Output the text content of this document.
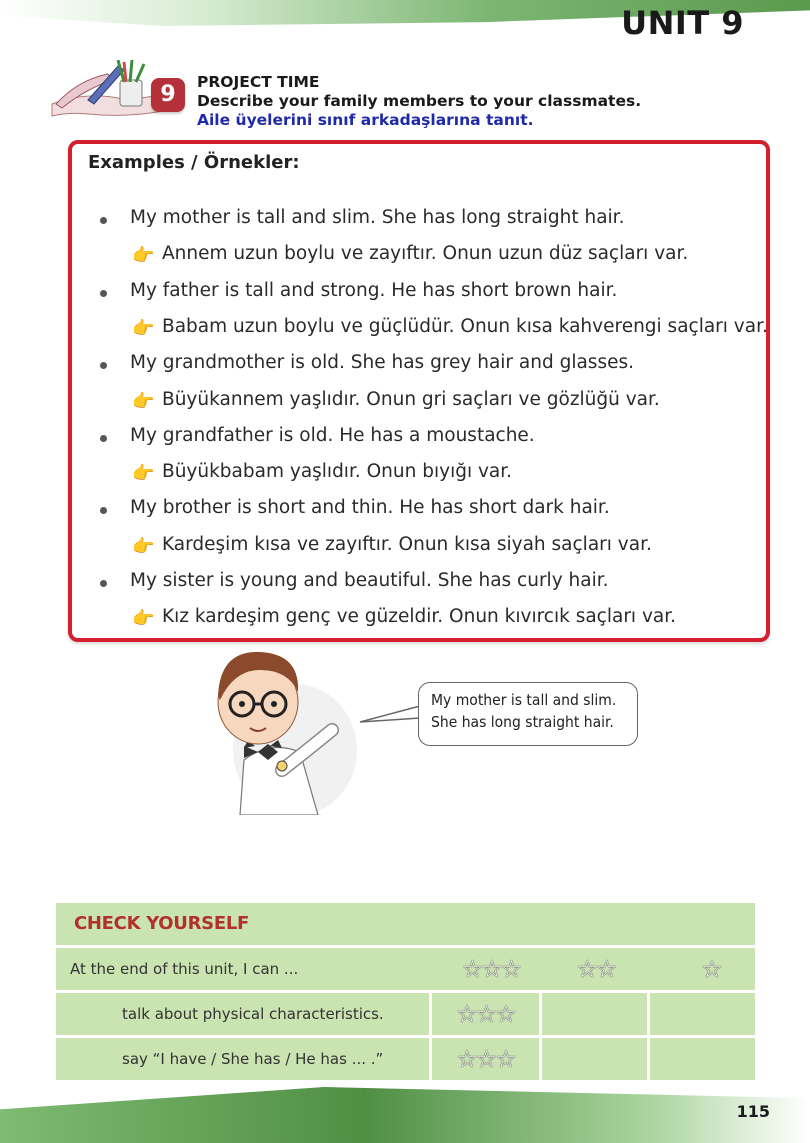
UNIT 9
9	PROJECT TIME
Describe your family members to your classmates.
Aile üyelerini sınıf arkadaşlarına tanıt.
Examples / Örnekler:
My mother is tall and slim. She has long straight hair.
👉 Annem uzun boylu ve zayıftır. Onun uzun düz saçları var.
My father is tall and strong. He has short brown hair.
👉 Babam uzun boylu ve güçlüdür. Onun kısa kahverengi saçları var.
My grandmother is old. She has grey hair and glasses.
👉 Büyükannem yaşlıdır. Onun gri saçları ve gözlüğü var.
My grandfather is old. He has a moustache.
👉 Büyükbabam yaşlıdır. Onun bıyığı var.
My brother is short and thin. He has short dark hair.
👉 Kardeşim kısa ve zayıftır. Onun kısa siyah saçları var.
My sister is young and beautiful. She has curly hair.
👉 Kız kardeşim genç ve güzeldir. Onun kıvırcık saçları var.
My mother is tall and slim.
She has long straight hair.
CHECK YOURSELF
At the end of this unit, I can ...	☆☆☆	☆☆	☆
talk about physical characteristics.	☆☆☆
say “I have / She has / He has ... .”	☆☆☆
115
